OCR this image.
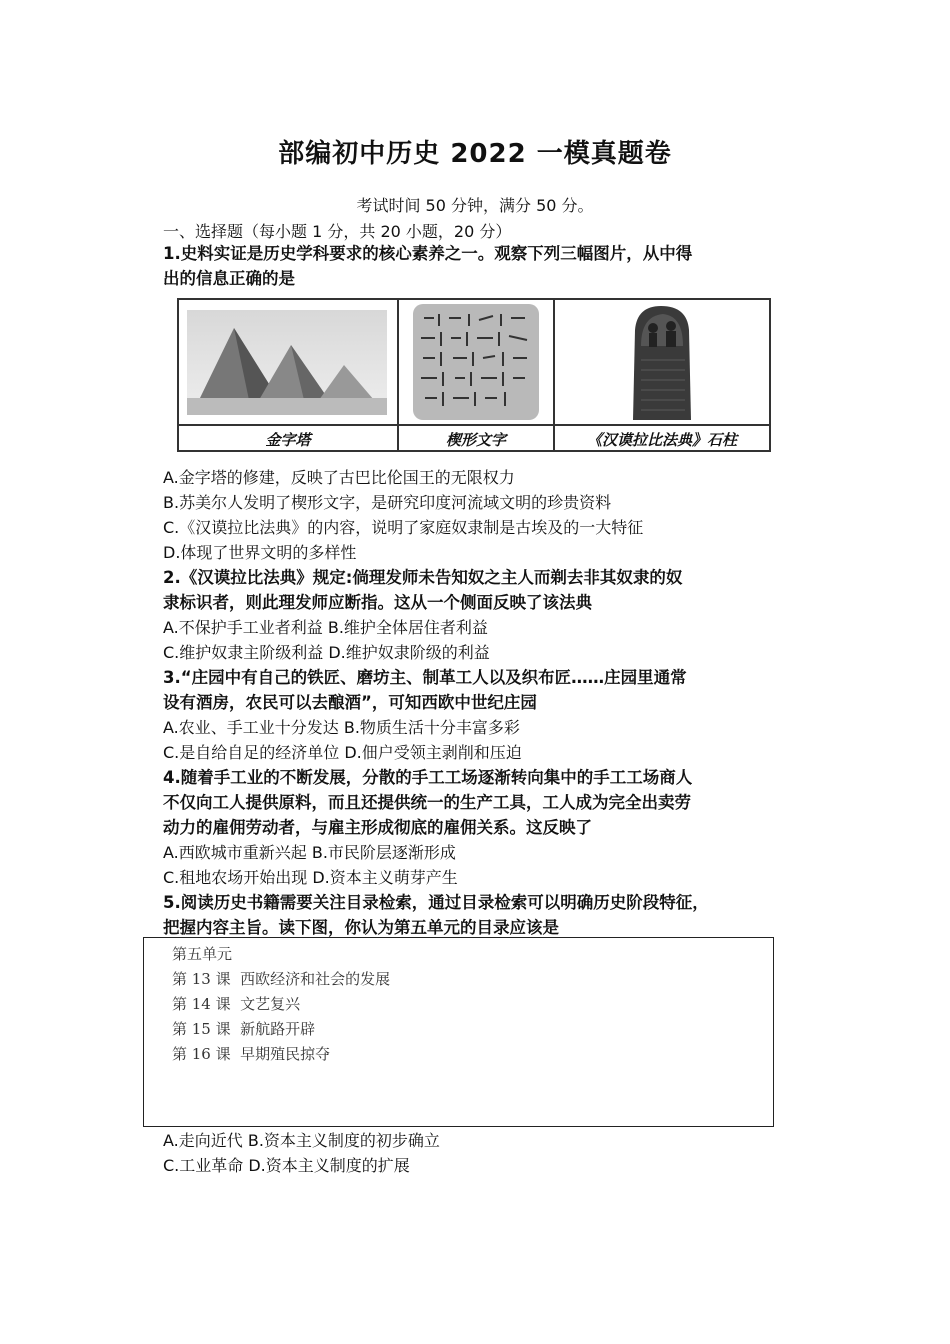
部编初中历史 2022 一模真题卷
考试时间 50 分钟，满分 50 分。
一、选择题（每小题 1 分，共 20 小题，20 分）
1.史料实证是历史学科要求的核心素养之一。观察下列三幅图片，从中得
出的信息正确的是
金字塔	楔形文字	《汉谟拉比法典》石柱
A.金字塔的修建，反映了古巴比伦国王的无限权力
B.苏美尔人发明了楔形文字，是研究印度河流域文明的珍贵资料
C.《汉谟拉比法典》的内容，说明了家庭奴隶制是古埃及的一大特征
D.体现了世界文明的多样性
2.《汉谟拉比法典》规定:倘理发师未告知奴之主人而剃去非其奴隶的奴
隶标识者，则此理发师应断指。这从一个侧面反映了该法典
A.不保护手工业者利益 B.维护全体居住者利益
C.维护奴隶主阶级利益 D.维护奴隶阶级的利益
3.“庄园中有自己的铁匠、磨坊主、制革工人以及织布匠……庄园里通常
设有酒房，农民可以去酿酒”，可知西欧中世纪庄园
A.农业、手工业十分发达 B.物质生活十分丰富多彩
C.是自给自足的经济单位 D.佃户受领主剥削和压迫
4.随着手工业的不断发展，分散的手工工场逐渐转向集中的手工工场商人
不仅向工人提供原料，而且还提供统一的生产工具，工人成为完全出卖劳
动力的雇佣劳动者，与雇主形成彻底的雇佣关系。这反映了
A.西欧城市重新兴起 B.市民阶层逐渐形成
C.租地农场开始出现 D.资本主义萌芽产生
5.阅读历史书籍需要关注目录检索，通过目录检索可以明确历史阶段特征，
把握内容主旨。读下图，你认为第五单元的目录应该是
第五单元
第 13 课  西欧经济和社会的发展
第 14 课  文艺复兴
第 15 课  新航路开辟
第 16 课  早期殖民掠夺
A.走向近代 B.资本主义制度的初步确立
C.工业革命 D.资本主义制度的扩展
